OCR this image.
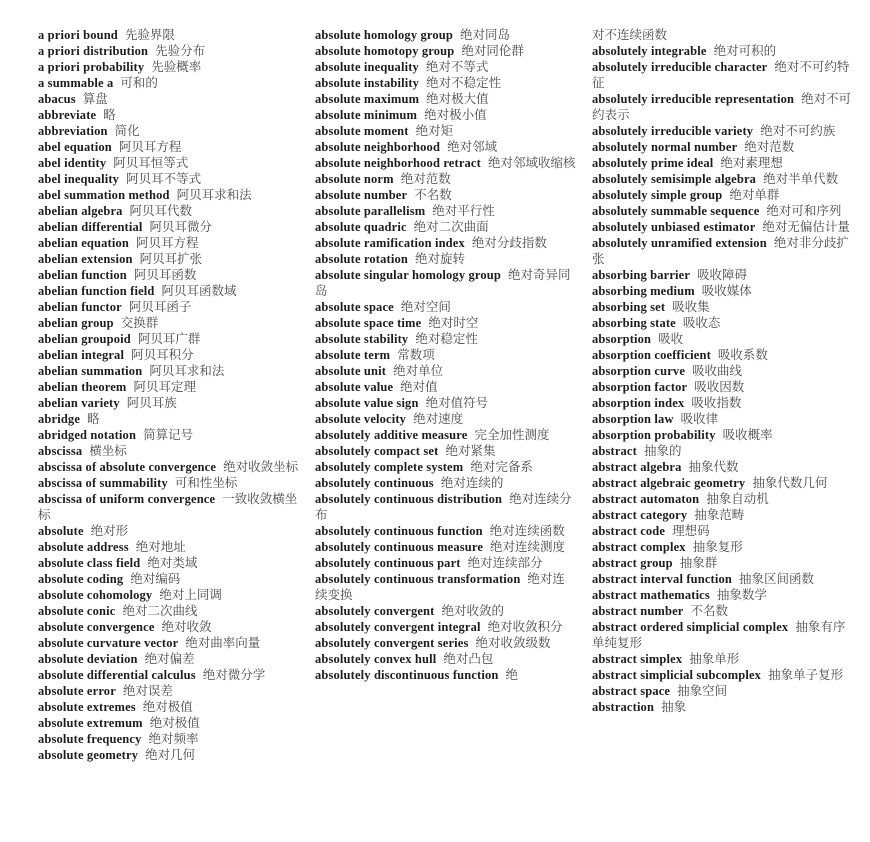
a priori bound 先验界限

a priori distribution 先验分布

a priori probability 先验概率

a summable a 可和的

abacus 算盘

abbreviate 略

abbreviation 简化

abel equation 阿贝耳方程

abel identity 阿贝耳恒等式

abel inequality 阿贝耳不等式

abel summation method 阿贝耳求和法

abelian algebra 阿贝耳代数

abelian differential 阿贝耳微分

abelian equation 阿贝耳方程

abelian extension 阿贝耳扩张

abelian function 阿贝耳函数

abelian function field 阿贝耳函数域

abelian functor 阿贝耳函子

abelian group 交换群

abelian groupoid 阿贝耳广群

abelian integral 阿贝耳积分

abelian summation 阿贝耳求和法

abelian theorem 阿贝耳定理

abelian variety 阿贝耳族

abridge 略

abridged notation 简算记号

abscissa 横坐标

abscissa of absolute convergence 绝对收敛坐标

abscissa of summability 可和性坐标

abscissa of uniform convergence 一致收敛横坐标

absolute 绝对形

absolute address 绝对地址

absolute class field 绝对类域

absolute coding 绝对编码

absolute cohomology 绝对上同调

absolute conic 绝对二次曲线

absolute convergence 绝对收敛

absolute curvature vector 绝对曲率向量

absolute deviation 绝对偏差

absolute differential calculus 绝对微分学

absolute error 绝对误差

absolute extremes 绝对极值

absolute extremum 绝对极值

absolute frequency 绝对频率

absolute geometry 绝对几何

absolute homology group 绝对同岛

absolute homotopy group 绝对同伦群

absolute inequality 绝对不等式

absolute instability 绝对不稳定性

absolute maximum 绝对极大值

absolute minimum 绝对极小值

absolute moment 绝对矩

absolute neighborhood 绝对邻域

absolute neighborhood retract 绝对邻域收缩核

absolute norm 绝对范数

absolute number 不名数

absolute parallelism 绝对平行性

absolute quadric 绝对二次曲面

absolute ramification index 绝对分歧指数

absolute rotation 绝对旋转

absolute singular homology group 绝对奇异同岛

absolute space 绝对空间

absolute space time 绝对时空

absolute stability 绝对稳定性

absolute term 常数项

absolute unit 绝对单位

absolute value 绝对值

absolute value sign 绝对值符号

absolute velocity 绝对速度

absolutely additive measure 完全加性测度

absolutely compact set 绝对紧集

absolutely complete system 绝对完备系

absolutely continuous 绝对连续的

absolutely continuous distribution 绝对连续分布

absolutely continuous function 绝对连续函数

absolutely continuous measure 绝对连续测度

absolutely continuous part 绝对连续部分

absolutely continuous transformation 绝对连续变换

absolutely convergent 绝对收敛的

absolutely convergent integral 绝对收敛积分

absolutely convergent series 绝对收敛级数

absolutely convex hull 绝对凸包

absolutely discontinuous function 绝

对不连续函数

absolutely integrable 绝对可积的

absolutely irreducible character 绝对不可约特征

absolutely irreducible representation 绝对不可约表示

absolutely irreducible variety 绝对不可约族

absolutely normal number 绝对范数

absolutely prime ideal 绝对素理想

absolutely semisimple algebra 绝对半单代数

absolutely simple group 绝对单群

absolutely summable sequence 绝对可和序列

absolutely unbiased estimator 绝对无偏估计量

absolutely unramified extension 绝对非分歧扩张

absorbing barrier 吸收障碍

absorbing medium 吸收媒体

absorbing set 吸收集

absorbing state 吸收态

absorption 吸收

absorption coefficient 吸收系数

absorption curve 吸收曲线

absorption factor 吸收因数

absorption index 吸收指数

absorption law 吸收律

absorption probability 吸收概率

abstract 抽象的

abstract algebra 抽象代数

abstract algebraic geometry 抽象代数几何

abstract automaton 抽象自动机

abstract category 抽象范畴

abstract code 理想码

abstract complex 抽象复形

abstract group 抽象群

abstract interval function 抽象区间函数

abstract mathematics 抽象数学

abstract number 不名数

abstract ordered simplicial complex 抽象有序单纯复形

abstract simplex 抽象单形

abstract simplicial subcomplex 抽象单子复形

abstract space 抽象空间

abstraction 抽象
